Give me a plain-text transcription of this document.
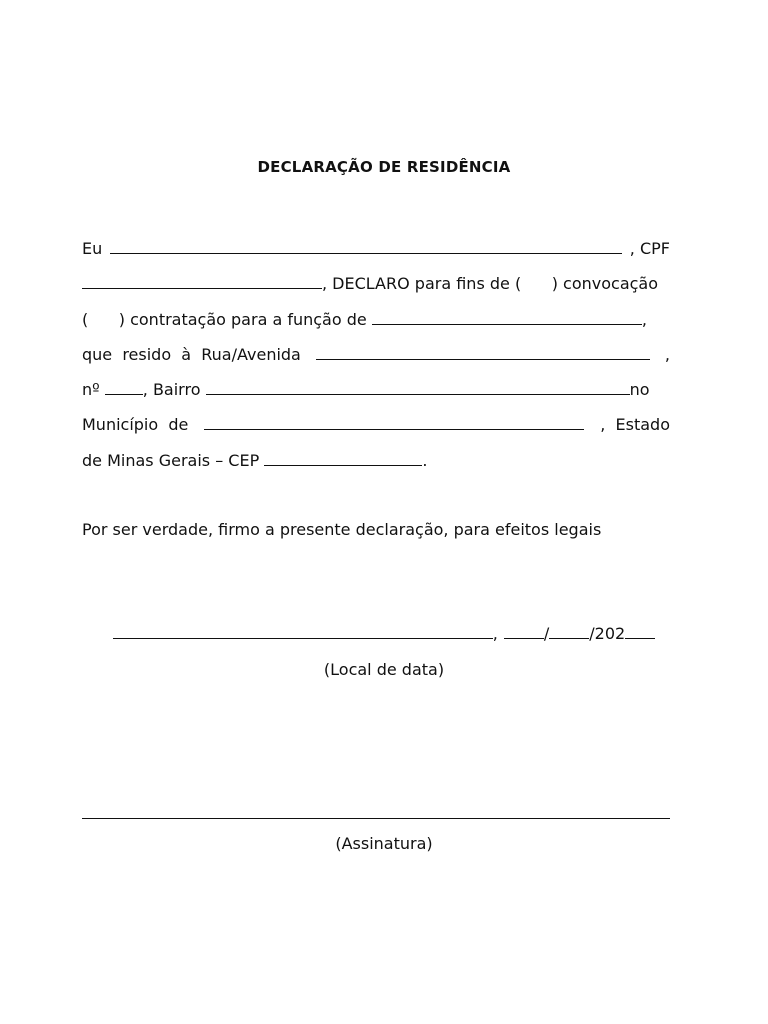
DECLARAÇÃO DE RESIDÊNCIA
Eu	, CPF
, DECLARO para fins de (      ) convocação
(      ) contratação para a função de	,
que  resido  à  Rua/Avenida	,
nº	, Bairro	no
Município  de	,  Estado
de Minas Gerais – CEP	.
Por ser verdade, firmo a presente declaração, para efeitos legais
,	/	/ 202
(Local de data)
(Assinatura)
